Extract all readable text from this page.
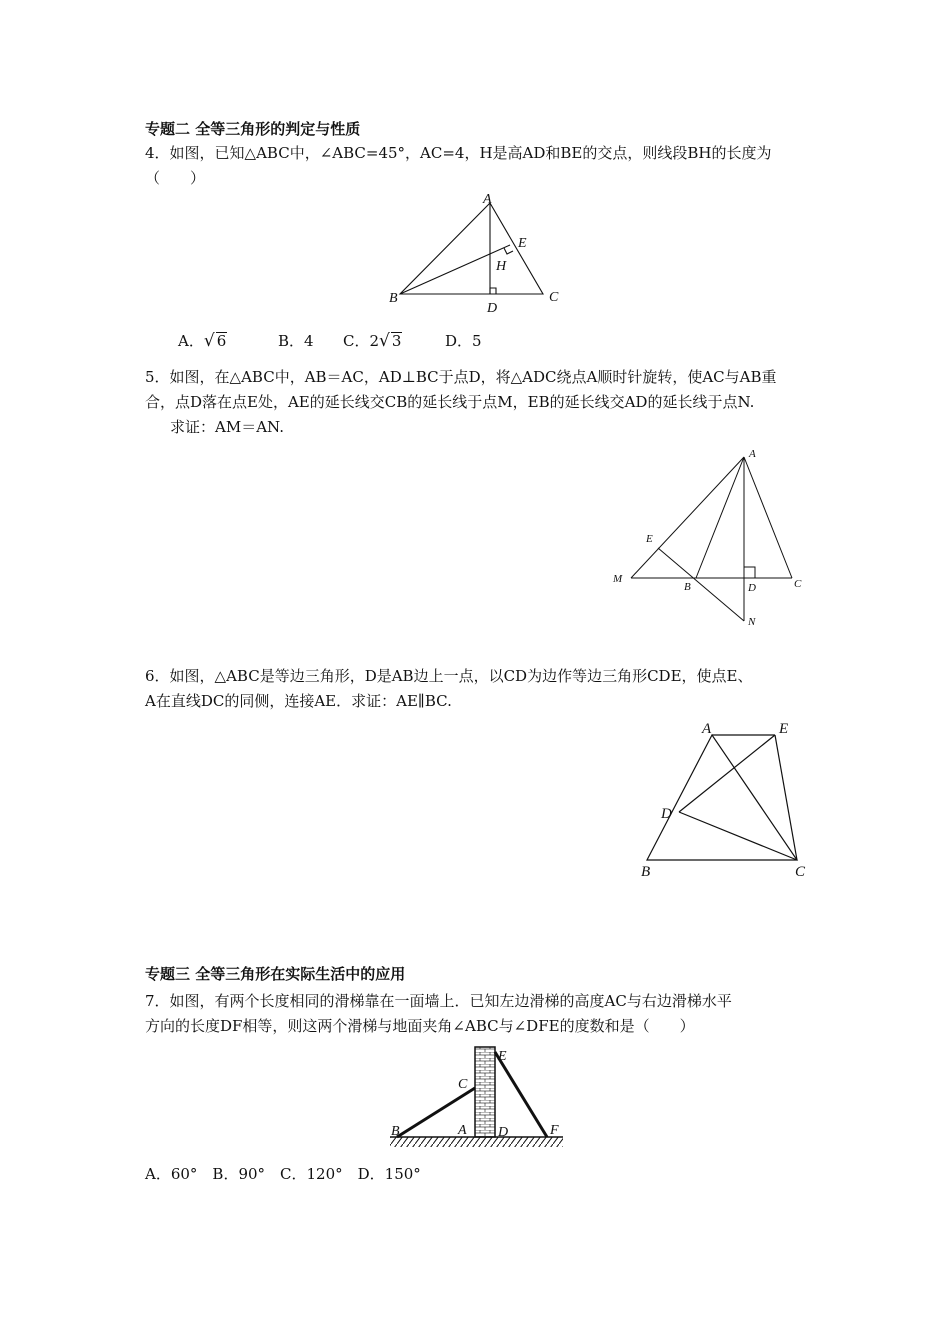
专题二 全等三角形的判定与性质
4．如图，已知△ABC中，∠ABC=45°，AC=4，H是高AD和BE的交点，则线段BH的长度为
（　　）
A
E
H
B
D
C
A．√ 6	B．4 C．2√ 3	D．5
5．如图，在△ABC中，AB＝AC，AD⊥BC于点D，将△ADC绕点A顺时针旋转，使AC与AB重
合，点D落在点E处，AE的延长线交CB的延长线于点M，EB的延长线交AD的延长线于点N.
求证：AM＝AN.
A
E
M
B	D	C
N
6．如图，△ABC是等边三角形，D是AB边上一点，以CD为边作等边三角形CDE，使点E、
A在直线DC的同侧，连接AE．求证：AE∥BC.
A	E
D
B	C
专题三 全等三角形在实际生活中的应用
7．如图，有两个长度相同的滑梯靠在一面墙上．已知左边滑梯的高度AC与右边滑梯水平
方向的长度DF相等，则这两个滑梯与地面夹角∠ABC与∠DFE的度数和是（　　）
B
C
A D
E
F
A．60°　B．90°　C．120°　D．150°
